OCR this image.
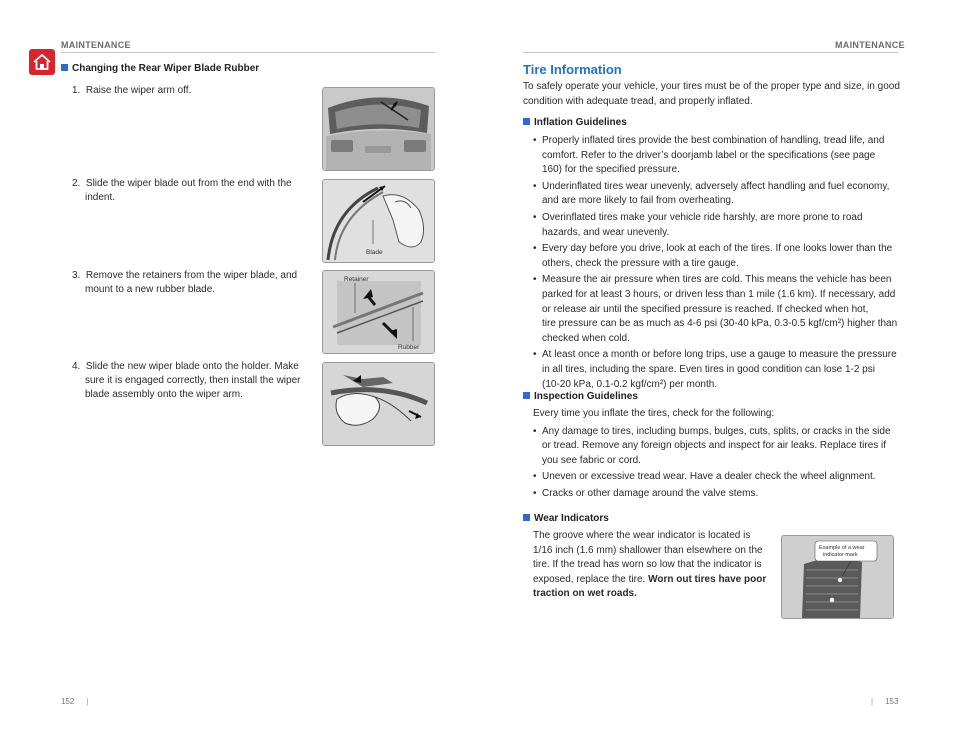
MAINTENANCE
Changing the Rear Wiper Blade Rubber
1.  Raise the wiper arm off.
2.  Slide the wiper blade out from the end with the
indent.
3.  Remove the retainers from the wiper blade, and
mount to a new rubber blade.
4.  Slide the new wiper blade onto the holder. Make
sure it is engaged correctly, then install the wiper
blade assembly onto the wiper arm.
Blade
Retainer
Rubber
152 |
MAINTENANCE
Tire Information
To safely operate your vehicle, your tires must be of the proper type and size, in good
condition with adequate tread, and properly inflated.
Inflation Guidelines
• Properly inflated tires provide the best combination of handling, tread life, and
comfort. Refer to the driver’s doorjamb label or the specifications (see page
160) for the specified pressure.
• Underinflated tires wear unevenly, adversely affect handling and fuel economy,
and are more likely to fail from overheating.
• Overinflated tires make your vehicle ride harshly, are more prone to road
hazards, and wear unevenly.
• Every day before you drive, look at each of the tires. If one looks lower than the
others, check the pressure with a tire gauge.
• Measure the air pressure when tires are cold. This means the vehicle has been
parked for at least 3 hours, or driven less than 1 mile (1.6 km). If necessary, add
or release air until the specified pressure is reached. If checked when hot,
tire pressure can be as much as 4-6 psi (30-40 kPa, 0.3-0.5 kgf/cm²) higher than
checked when cold.
• At least once a month or before long trips, use a gauge to measure the pressure
in all tires, including the spare. Even tires in good condition can lose 1-2 psi
(10-20 kPa, 0.1-0.2 kgf/cm²) per month.
Inspection Guidelines
Every time you inflate the tires, check for the following:
• Any damage to tires, including bumps, bulges, cuts, splits, or cracks in the side
or tread. Remove any foreign objects and inspect for air leaks. Replace tires if
you see fabric or cord.
• Uneven or excessive tread wear. Have a dealer check the wheel alignment.
• Cracks or other damage around the valve stems.
Wear Indicators
The groove where the wear indicator is located is
1/16 inch (1.6 mm) shallower than elsewhere on the
tire. If the tread has worn so low that the indicator is
exposed, replace the tire. Worn out tires have poor
traction on wet roads.
Example of a wear
indicator mark
| 153
